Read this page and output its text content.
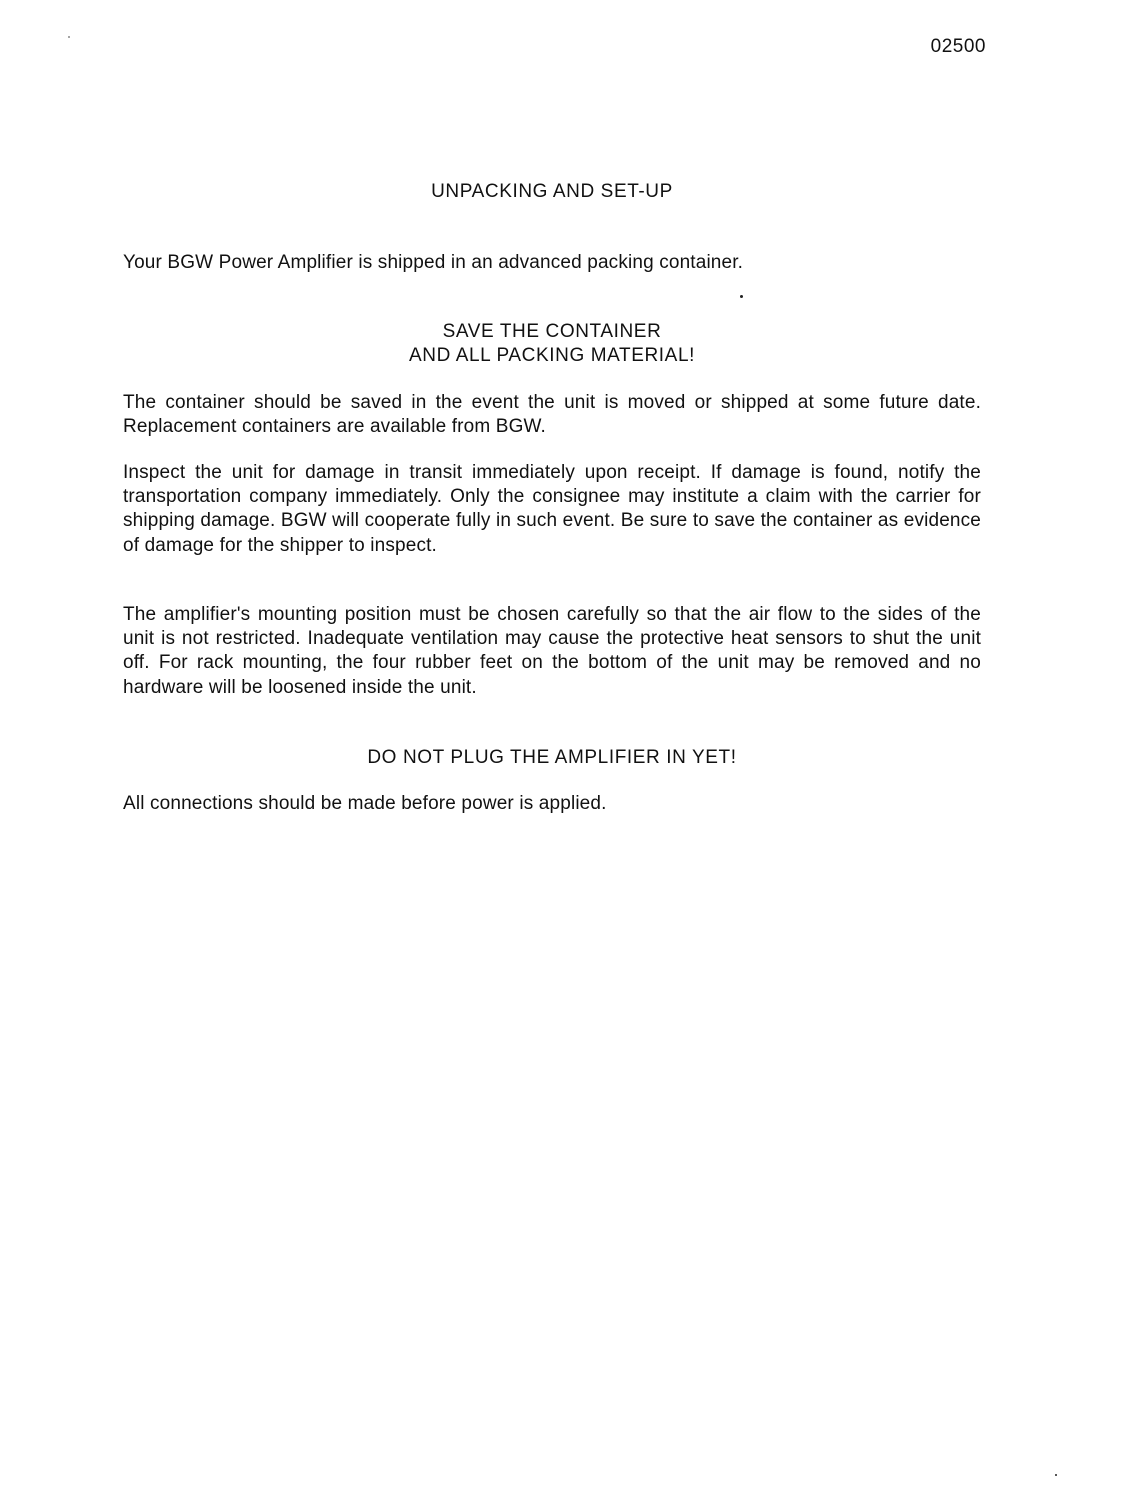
02500
UNPACKING AND SET-UP

Your BGW Power Amplifier is shipped in an advanced packing container.

SAVE THE CONTAINER
AND ALL PACKING MATERIAL!

The container should be saved in the event the unit is moved or shipped at some future date. Replacement containers are available from BGW.

Inspect the unit for damage in transit immediately upon receipt. If damage is found, notify the transportation company immediately. Only the consignee may institute a claim with the carrier for shipping damage. BGW will cooperate fully in such event. Be sure to save the container as evidence of damage for the shipper to inspect.

The amplifier's mounting position must be chosen carefully so that the air flow to the sides of the unit is not restricted. Inadequate ventilation may cause the protective heat sensors to shut the unit off. For rack mounting, the four rubber feet on the bottom of the unit may be removed and no hardware will be loosened inside the unit.

DO NOT PLUG THE AMPLIFIER IN YET!

All connections should be made before power is applied.
